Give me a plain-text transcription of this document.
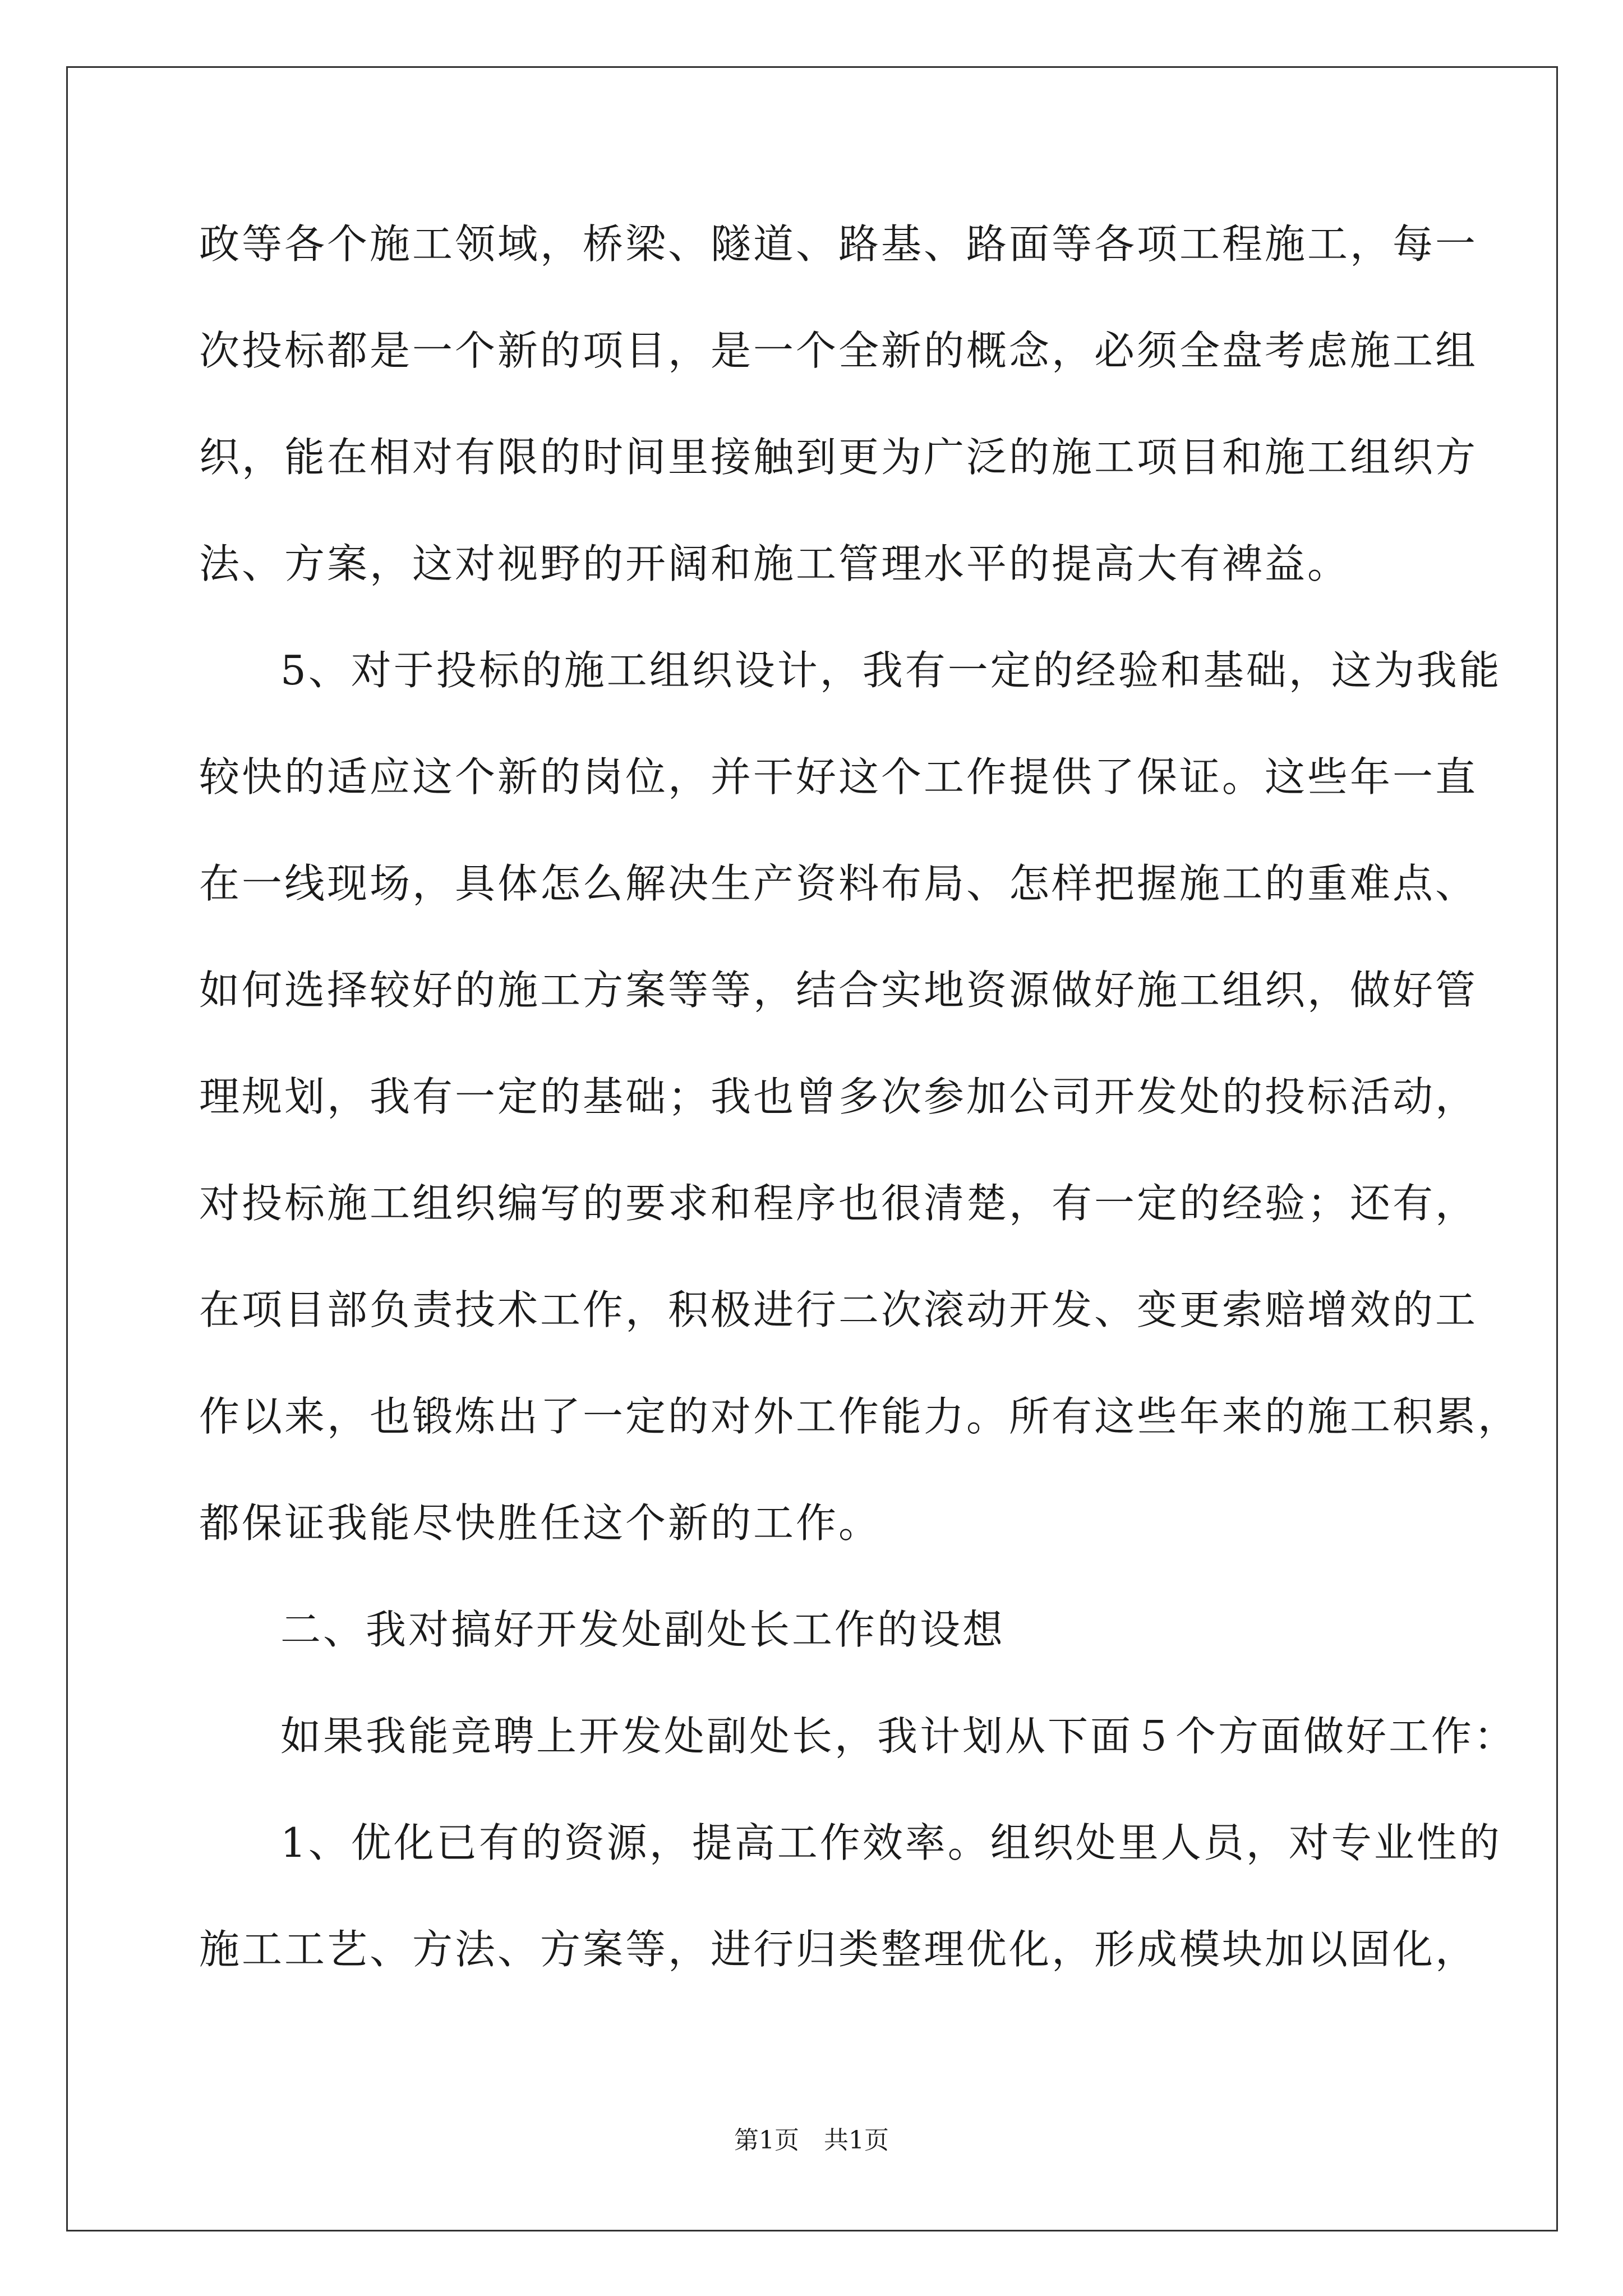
政等各个施工领域，桥梁、隧道、路基、路面等各项工程施工，每一
次投标都是一个新的项目，是一个全新的概念，必须全盘考虑施工组
织，能在相对有限的时间里接触到更为广泛的施工项目和施工组织方
法、方案，这对视野的开阔和施工管理水平的提高大有裨益。
5、对于投标的施工组织设计，我有一定的经验和基础，这为我能
较快的适应这个新的岗位，并干好这个工作提供了保证。这些年一直
在一线现场，具体怎么解决生产资料布局、怎样把握施工的重难点、
如何选择较好的施工方案等等，结合实地资源做好施工组织，做好管
理规划，我有一定的基础；我也曾多次参加公司开发处的投标活动，
对投标施工组织编写的要求和程序也很清楚，有一定的经验；还有，
在项目部负责技术工作，积极进行二次滚动开发、变更索赔增效的工
作以来，也锻炼出了一定的对外工作能力。所有这些年来的施工积累，
都保证我能尽快胜任这个新的工作。
二、我对搞好开发处副处长工作的设想
如果我能竞聘上开发处副处长，我计划从下面５个方面做好工作：
1、优化已有的资源，提高工作效率。组织处里人员，对专业性的
施工工艺、方法、方案等，进行归类整理优化，形成模块加以固化，
第1页　共1页
